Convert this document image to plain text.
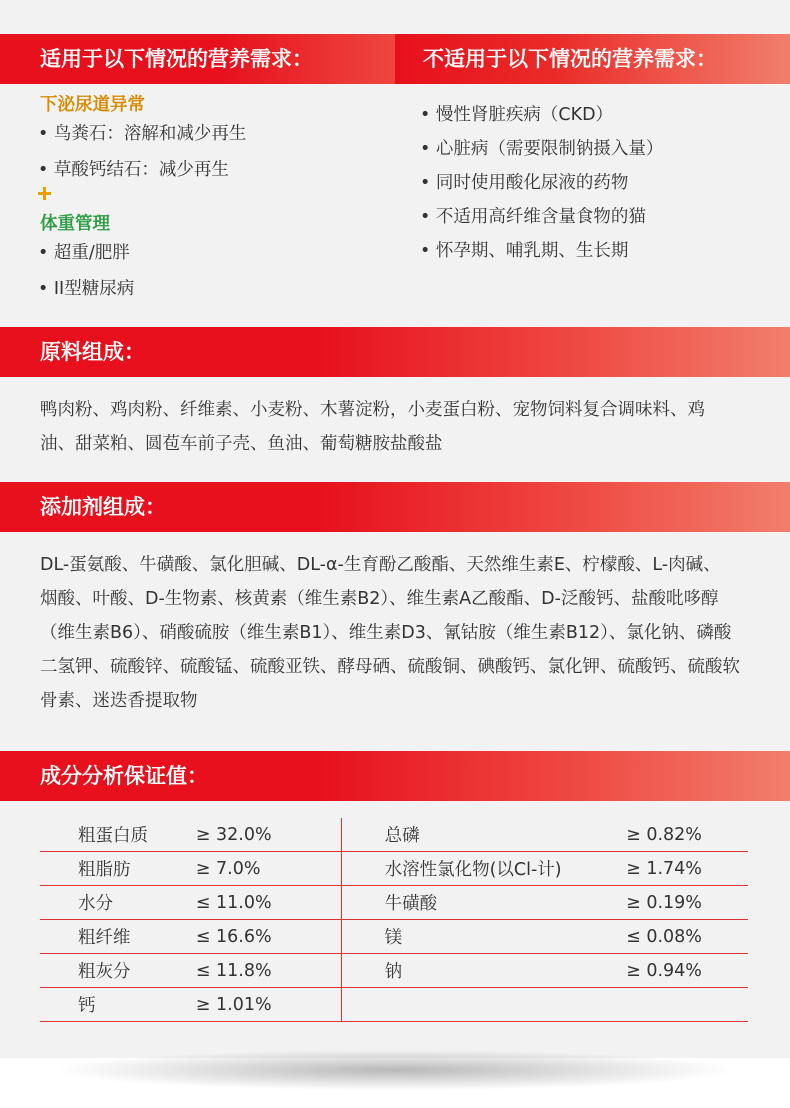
适用于以下情况的营养需求：	不适用于以下情况的营养需求：
下泌尿道异常
• 鸟粪石：溶解和减少再生
• 草酸钙结石：减少再生
体重管理
• 超重/肥胖
• II型糖尿病
• 慢性肾脏疾病（CKD）
• 心脏病（需要限制钠摄入量）
• 同时使用酸化尿液的药物
• 不适用高纤维含量食物的猫
• 怀孕期、哺乳期、生长期
原料组成：
鸭肉粉、鸡肉粉、纤维素、小麦粉、木薯淀粉，小麦蛋白粉、宠物饲料复合调味料、鸡
油、甜菜粕、圆苞车前子壳、鱼油、葡萄糖胺盐酸盐
添加剂组成：
DL-蛋氨酸、牛磺酸、氯化胆碱、DL-α-生育酚乙酸酯、天然维生素E、柠檬酸、L-肉碱、
烟酸、叶酸、D-生物素、核黄素（维生素B2）、维生素A乙酸酯、D-泛酸钙、盐酸吡哆醇
（维生素B6）、硝酸硫胺（维生素B1）、维生素D3、氰钴胺（维生素B12）、氯化钠、磷酸
二氢钾、硫酸锌、硫酸锰、硫酸亚铁、酵母硒、硫酸铜、碘酸钙、氯化钾、硫酸钙、硫酸软
骨素、迷迭香提取物
成分分析保证值：
粗蛋白质	≥ 32.0%	总磷	≥ 0.82%
粗脂肪	≥ 7.0%	水溶性氯化物(以Cl-计)	≥ 1.74%
水分	≤ 11.0%	牛磺酸	≥ 0.19%
粗纤维	≤ 16.6%	镁	≤ 0.08%
粗灰分	≤ 11.8%	钠	≥ 0.94%
钙	≥ 1.01%		
